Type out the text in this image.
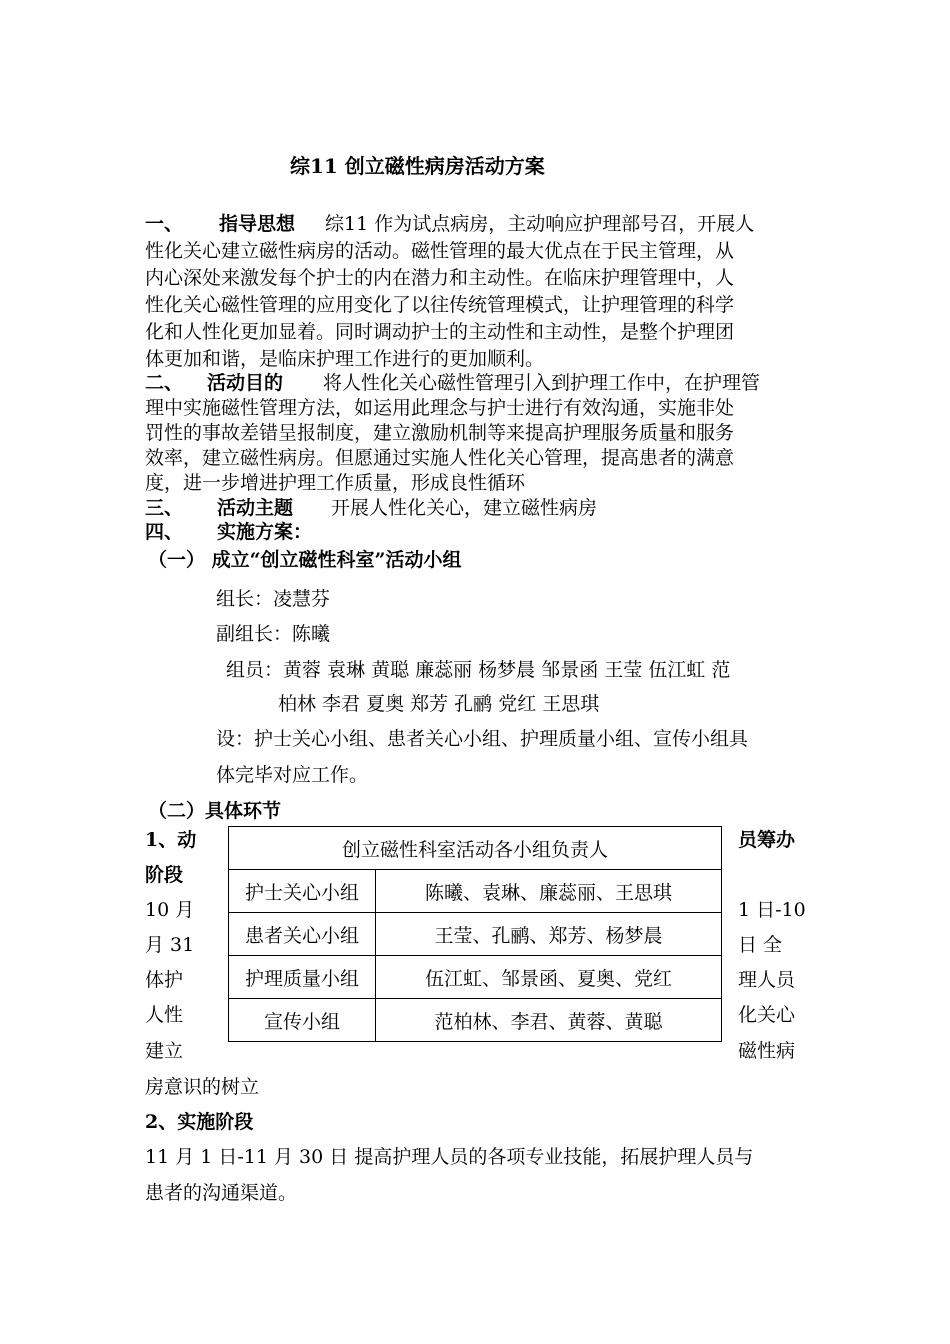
综11 创立磁性病房活动方案
一、 指导思想 综11 作为试点病房，主动响应护理部号召，开展人
性化关心建立磁性病房的活动。磁性管理的最大优点在于民主管理，从
内心深处来激发每个护士的内在潜力和主动性。在临床护理管理中，人
性化关心磁性管理的应用变化了以往传统管理模式，让护理管理的科学
化和人性化更加显着。同时调动护士的主动性和主动性，是整个护理团
体更加和谐，是临床护理工作进行的更加顺利。
二、 活动目的 将人性化关心磁性管理引入到护理工作中，在护理管
理中实施磁性管理方法，如运用此理念与护士进行有效沟通，实施非处
罚性的事故差错呈报制度，建立激励机制等来提高护理服务质量和服务
效率，建立磁性病房。但愿通过实施人性化关心管理，提高患者的满意
度，进一步增进护理工作质量，形成良性循环
三、 活动主题 开展人性化关心，建立磁性病房
四、 实施方案：
（一） 成立“创立磁性科室”活动小组
组长：凌慧芬
副组长：陈曦
组员：黄蓉 袁琳 黄聪 廉蕊丽 杨梦晨 邹景函 王莹 伍江虹 范
柏林 李君 夏奥 郑芳 孔鹂 党红 王思琪
设：护士关心小组、患者关心小组、护理质量小组、宣传小组具
体完毕对应工作。
（二）具体环节
1、动
阶段
10 月
月 31
体护
人性
建立
员筹办
1 日-10
日 全
理人员
化关心
磁性病
创立磁性科室活动各小组负责人	
护士关心小组	陈曦、袁琳、廉蕊丽、王思琪
患者关心小组	王莹、孔鹂、郑芳、杨梦晨
护理质量小组	伍江虹、邹景函、夏奥、党红
宣传小组	范柏林、李君、黄蓉、黄聪
房意识的树立
2、实施阶段
11 月 1 日-11 月 30 日 提高护理人员的各项专业技能，拓展护理人员与
患者的沟通渠道。
